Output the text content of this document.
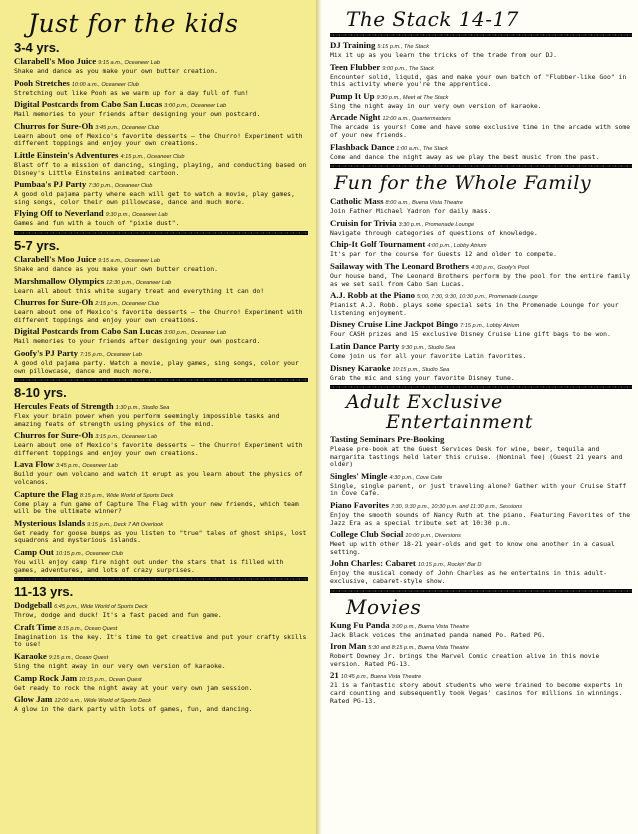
Just for the kids
3-4 yrs.
Clarabell's Moo Juice 9:15 a.m., Oceaneer Lab
Shake and dance as you make your own butter creation.
Pooh Stretches 10:00 a.m., Oceaneer Club
Stretching out like Pooh as we warm up for a day full of fun!
Digital Postcards from Cabo San Lucas 3:00 p.m., Oceaneer Lab
Mail memories to your friends after designing your own postcard.
Churros for Sure-Oh 3:45 p.m., Oceaneer Club
Learn about one of Mexico's favorite desserts – the Churro! Experiment with different toppings and enjoy your own creations.
Little Einstein's Adventures 4:15 p.m., Oceaneer Club
Blast off to a mission of dancing, singing, playing, and conducting based on Disney's Little Einsteins animated cartoon.
Pumbaa's PJ Party 7:30 p.m., Oceaneer Club
A good old pajama party where each will get to watch a movie, play games, sing songs, color their own pillowcase, dance and much more.
Flying Off to Neverland 9:30 p.m., Oceaneer Lab
Games and fun with a touch of "pixie dust".
5-7 yrs.
Clarabell's Moo Juice 9:15 a.m., Oceaneer Lab
Shake and dance as you make your own butter creation.
Marshmallow Olympics 12:30 p.m., Oceaneer Lab
Learn all about this white sugary treat and everything it can do!
Churros for Sure-Oh 2:15 p.m., Oceaneer Club
Learn about one of Mexico's favorite desserts – the Churro! Experiment with different toppings and enjoy your own creations.
Digital Postcards from Cabo San Lucas 3:00 p.m., Oceaneer Lab
Mail memories to your friends after designing your own postcard.
Goofy's PJ Party 7:15 p.m., Oceaneer Lab
A good old pajama party. Watch a movie, play games, sing songs, color your own pillowcase, dance and much more.
8-10 yrs.
Hercules Feats of Strength 1:30 p.m., Studio Sea
Flex your brain power when you perform seemingly impossible tasks and amazing feats of strength using physics of the mind.
Churros for Sure-Oh 3:15 p.m., Oceaneer Lab
Learn about one of Mexico's favorite desserts – the Churro! Experiment with different toppings and enjoy your own creations.
Lava Flow 3:45 p.m., Oceaneer Lab
Build your own volcano and watch it erupt as you learn about the physics of volcanos.
Capture the Flag 8:15 p.m., Wide World of Sports Deck
Come play a fun game of Capture The Flag with your new friends, which team will be the ultimate winner?
Mysterious Islands 9:15 p.m., Deck 7 Aft Overlook
Get ready for goose bumps as you listen to "true" tales of ghost ships, lost squadrons and mysterious islands.
Camp Out 10:15 p.m., Oceaneer Club
You will enjoy camp fire night out under the stars that is filled with games, adventures, and lots of crazy surprises.
11-13 yrs.
Dodgeball 6:45 p.m., Wide World of Sports Deck
Throw, dodge and duck! It's a fast paced and fun game.
Craft Time 8:15 p.m., Ocean Quest
Imagination is the key. It's time to get creative and put your crafty skills to use!
Karaoke 9:15 p.m., Ocean Quest
Sing the night away in our very own version of karaoke.
Camp Rock Jam 10:15 p.m., Ocean Quest
Get ready to rock the night away at your very own jam session.
Glow Jam 12:00 a.m., Wide World of Sports Deck
A glow in the dark party with lots of games, fun, and dancing.
The Stack 14-17
DJ Training 5:15 p.m., The Stack
Mix it up as you learn the tricks of the trade from our DJ.
Teen Flubber 9:00 p.m., The Stack
Encounter solid, liquid, gas and make your own batch of "Flubber-like Goo" in this activity where you're the apprentice.
Pump It Up 9:30 p.m., Meet at The Stack
Sing the night away in our very own version of karaoke.
Arcade Night 12:00 a.m., Quartermasters
The arcade is yours! Come and have some exclusive time in the arcade with some of your new friends.
Flashback Dance 1:00 a.m., The Stack
Come and dance the night away as we play the best music from the past.
Fun for the Whole Family
Catholic Mass 8:00 a.m., Buena Vista Theatre
Join Father Michael Yadron for daily mass.
Cruisin for Trivia 3:30 p.m., Promenade Lounge
Navigate through categories of questions of knowledge.
Chip-It Golf Tournament 4:00 p.m., Lobby Atrium
It's par for the course for Guests 12 and older to compete.
Sailaway with The Leonard Brothers 4:30 p.m., Goofy's Pool
Our house band, The Leonard Brothers perform by the pool for the entire family as we set sail from Cabo San Lucas.
A.J. Robb at the Piano 5:00, 7:30, 9:30, 10:30 p.m., Promenade Lounge
Pianist A.J. Robb. plays some special sets in the Promenade Lounge for your listening enjoyment.
Disney Cruise Line Jackpot Bingo 7:15 p.m., Lobby Atrium
Four CASH prizes and 15 exclusive Disney Cruise Line gift bags to be won.
Latin Dance Party 9:30 p.m., Studio Sea
Come join us for all your favorite Latin favorites.
Disney Karaoke 10:15 p.m., Studio Sea
Grab the mic and sing your favorite Disney tune.
Adult Exclusive
Entertainment
Tasting Seminars Pre-Booking
Please pre-book at the Guest Services Desk for wine, beer, tequila and margarita tastings held later this cruise. (Nominal fee) (Guest 21 years and older)
Singles' Mingle 4:30 p.m., Cove Cafe
Single, single parent, or just traveling alone? Gather with your Cruise Staff in Cove Cafe.
Piano Favorites 7:30, 9:30 p.m., 10:30 p.m. and 11:30 p.m., Sessions
Enjoy the smooth sounds of Nancy Ruth at the piano. Featuring Favorites of the Jazz Era as a special tribute set at 10:30 p.m.
College Club Social 10:00 p.m., Diversions
Meet up with other 18-21 year-olds and get to know one another in a casual setting.
John Charles: Cabaret 10:15 p.m., Rockin' Bar D
Enjoy the musical comedy of John Charles as he entertains in this adult-exclusive, cabaret-style show.
Movies
Kung Fu Panda 3:00 p.m., Buena Vista Theatre
Jack Black voices the animated panda named Po. Rated PG.
Iron Man 5:30 and 8:15 p.m., Buena Vista Theatre
Robert Downey Jr. brings the Marvel Comic creation alive in this movie version. Rated PG-13.
21 10:45 p.m., Buena Vista Theatre
21 is a fantastic story about students who were trained to become experts in card counting and subsequently took Vegas' casinos for millions in winnings. Rated PG-13.
